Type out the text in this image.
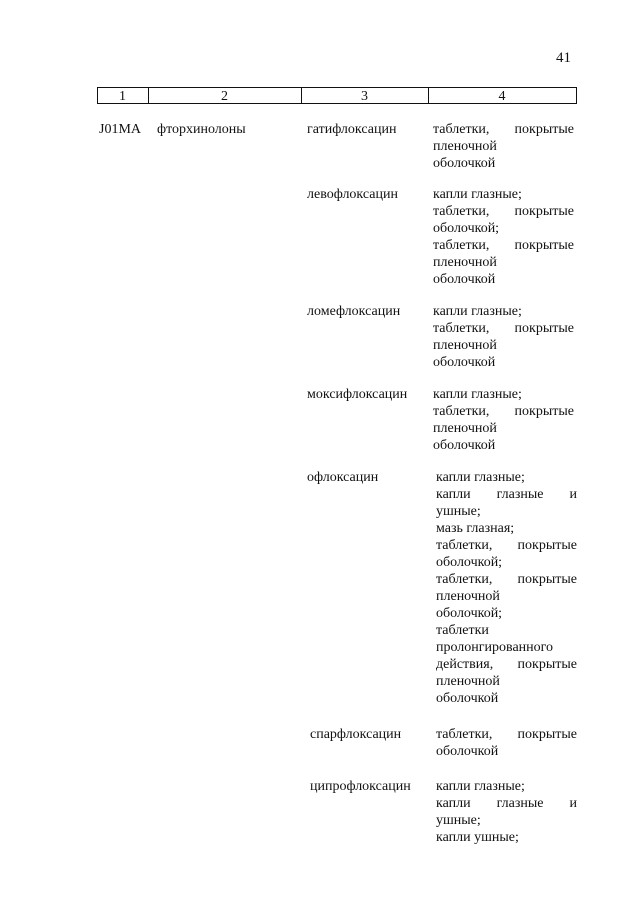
41
1	2	3	4
J01MA фторхинолоны	гатифлоксацин	таблетки, покрытые
пленочной
оболочкой
левофлоксацин	капли глазные;
таблетки, покрытые
оболочкой;
таблетки, покрытые
пленочной
оболочкой
ломефлоксацин капли глазные;
таблетки, покрытые
пленочной
оболочкой
моксифлоксацин капли глазные;
таблетки, покрытые
пленочной
оболочкой
офлоксацин	капли глазные;
капли глазные и
ушные;
мазь глазная;
таблетки, покрытые
оболочкой;
таблетки, покрытые
пленочной
оболочкой;
таблетки
пролонгированного
действия, покрытые
пленочной
оболочкой
спарфлоксацин таблетки, покрытые
оболочкой
ципрофлоксацин капли глазные;
капли глазные и
ушные;
капли ушные;
